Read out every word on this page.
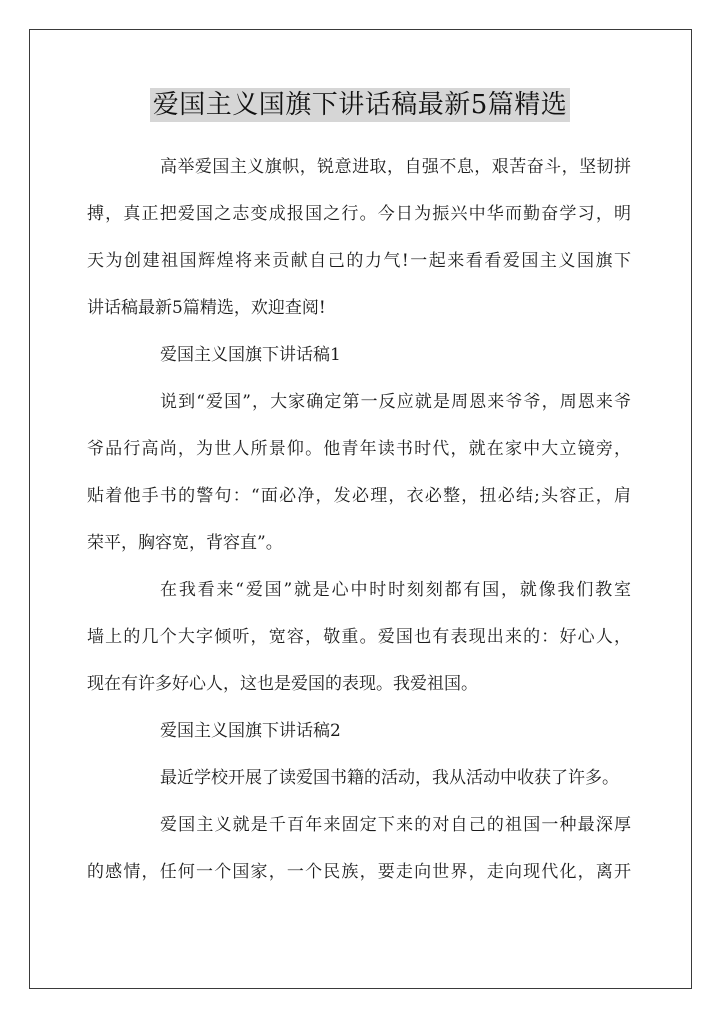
爱国主义国旗下讲话稿最新5篇精选
高举爱国主义旗帜，锐意进取，自强不息，艰苦奋斗，坚韧拼
搏，真正把爱国之志变成报国之行。今日为振兴中华而勤奋学习，明
天为创建祖国辉煌将来贡献自己的力气!一起来看看爱国主义国旗下
讲话稿最新5篇精选，欢迎查阅!
爱国主义国旗下讲话稿1
说到“爱国”，大家确定第一反应就是周恩来爷爷，周恩来爷
爷品行高尚，为世人所景仰。他青年读书时代，就在家中大立镜旁，
贴着他手书的警句：“面必净，发必理，衣必整，扭必结;头容正，肩
荣平，胸容宽，背容直”。
在我看来“爱国”就是心中时时刻刻都有国，就像我们教室
墙上的几个大字倾听，宽容，敬重。爱国也有表现出来的：好心人，
现在有许多好心人，这也是爱国的表现。我爱祖国。
爱国主义国旗下讲话稿2
最近学校开展了读爱国书籍的活动，我从活动中收获了许多。
爱国主义就是千百年来固定下来的对自己的祖国一种最深厚
的感情，任何一个国家，一个民族，要走向世界，走向现代化，离开
